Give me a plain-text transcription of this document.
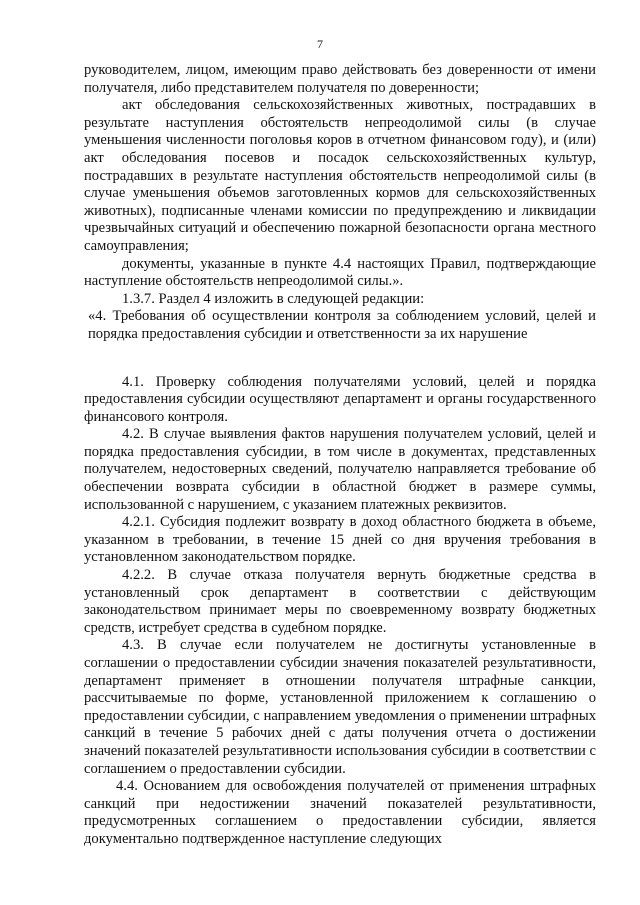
7

руководителем, лицом, имеющим право действовать без доверенности от имени получателя, либо представителем получателя по доверенности;

акт обследования сельскохозяйственных животных, пострадавших в результате наступления обстоятельств непреодолимой силы (в случае уменьшения численности поголовья коров в отчетном финансовом году), и (или) акт обследования посевов и посадок сельскохозяйственных культур, пострадавших в результате наступления обстоятельств непреодолимой силы (в случае уменьшения объемов заготовленных кормов для сельскохозяйственных животных), подписанные членами комиссии по предупреждению и ликвидации чрезвычайных ситуаций и обеспечению пожарной безопасности органа местного самоуправления;

документы, указанные в пункте 4.4 настоящих Правил, подтверждающие наступление обстоятельств непреодолимой силы.».

1.3.7. Раздел 4 изложить в следующей редакции:

«4. Требования об осуществлении контроля за соблюдением условий, целей и порядка предоставления субсидии и ответственности за их нарушение

4.1. Проверку соблюдения получателями условий, целей и порядка предоставления субсидии осуществляют департамент и органы государственного финансового контроля.

4.2. В случае выявления фактов нарушения получателем условий, целей и порядка предоставления субсидии, в том числе в документах, представленных получателем, недостоверных сведений, получателю направляется требование об обеспечении возврата субсидии в областной бюджет в размере суммы, использованной с нарушением, с указанием платежных реквизитов.

4.2.1. Субсидия подлежит возврату в доход областного бюджета в объеме, указанном в требовании, в течение 15 дней со дня вручения требования в установленном законодательством порядке.

4.2.2. В случае отказа получателя вернуть бюджетные средства в установленный срок департамент в соответствии с действующим законодательством принимает меры по своевременному возврату бюджетных средств, истребует средства в судебном порядке.

4.3. В случае если получателем не достигнуты установленные в соглашении о предоставлении субсидии значения показателей результативности, департамент применяет в отношении получателя штрафные санкции, рассчитываемые по форме, установленной приложением к соглашению о предоставлении субсидии, с направлением уведомления о применении штрафных санкций в течение 5 рабочих дней с даты получения отчета о достижении значений показателей результативности использования субсидии в соответствии с соглашением о предоставлении субсидии.

4.4. Основанием для освобождения получателей от применения штрафных санкций при недостижении значений показателей результативности, предусмотренных соглашением о предоставлении субсидии, является документально подтвержденное наступление следующих
